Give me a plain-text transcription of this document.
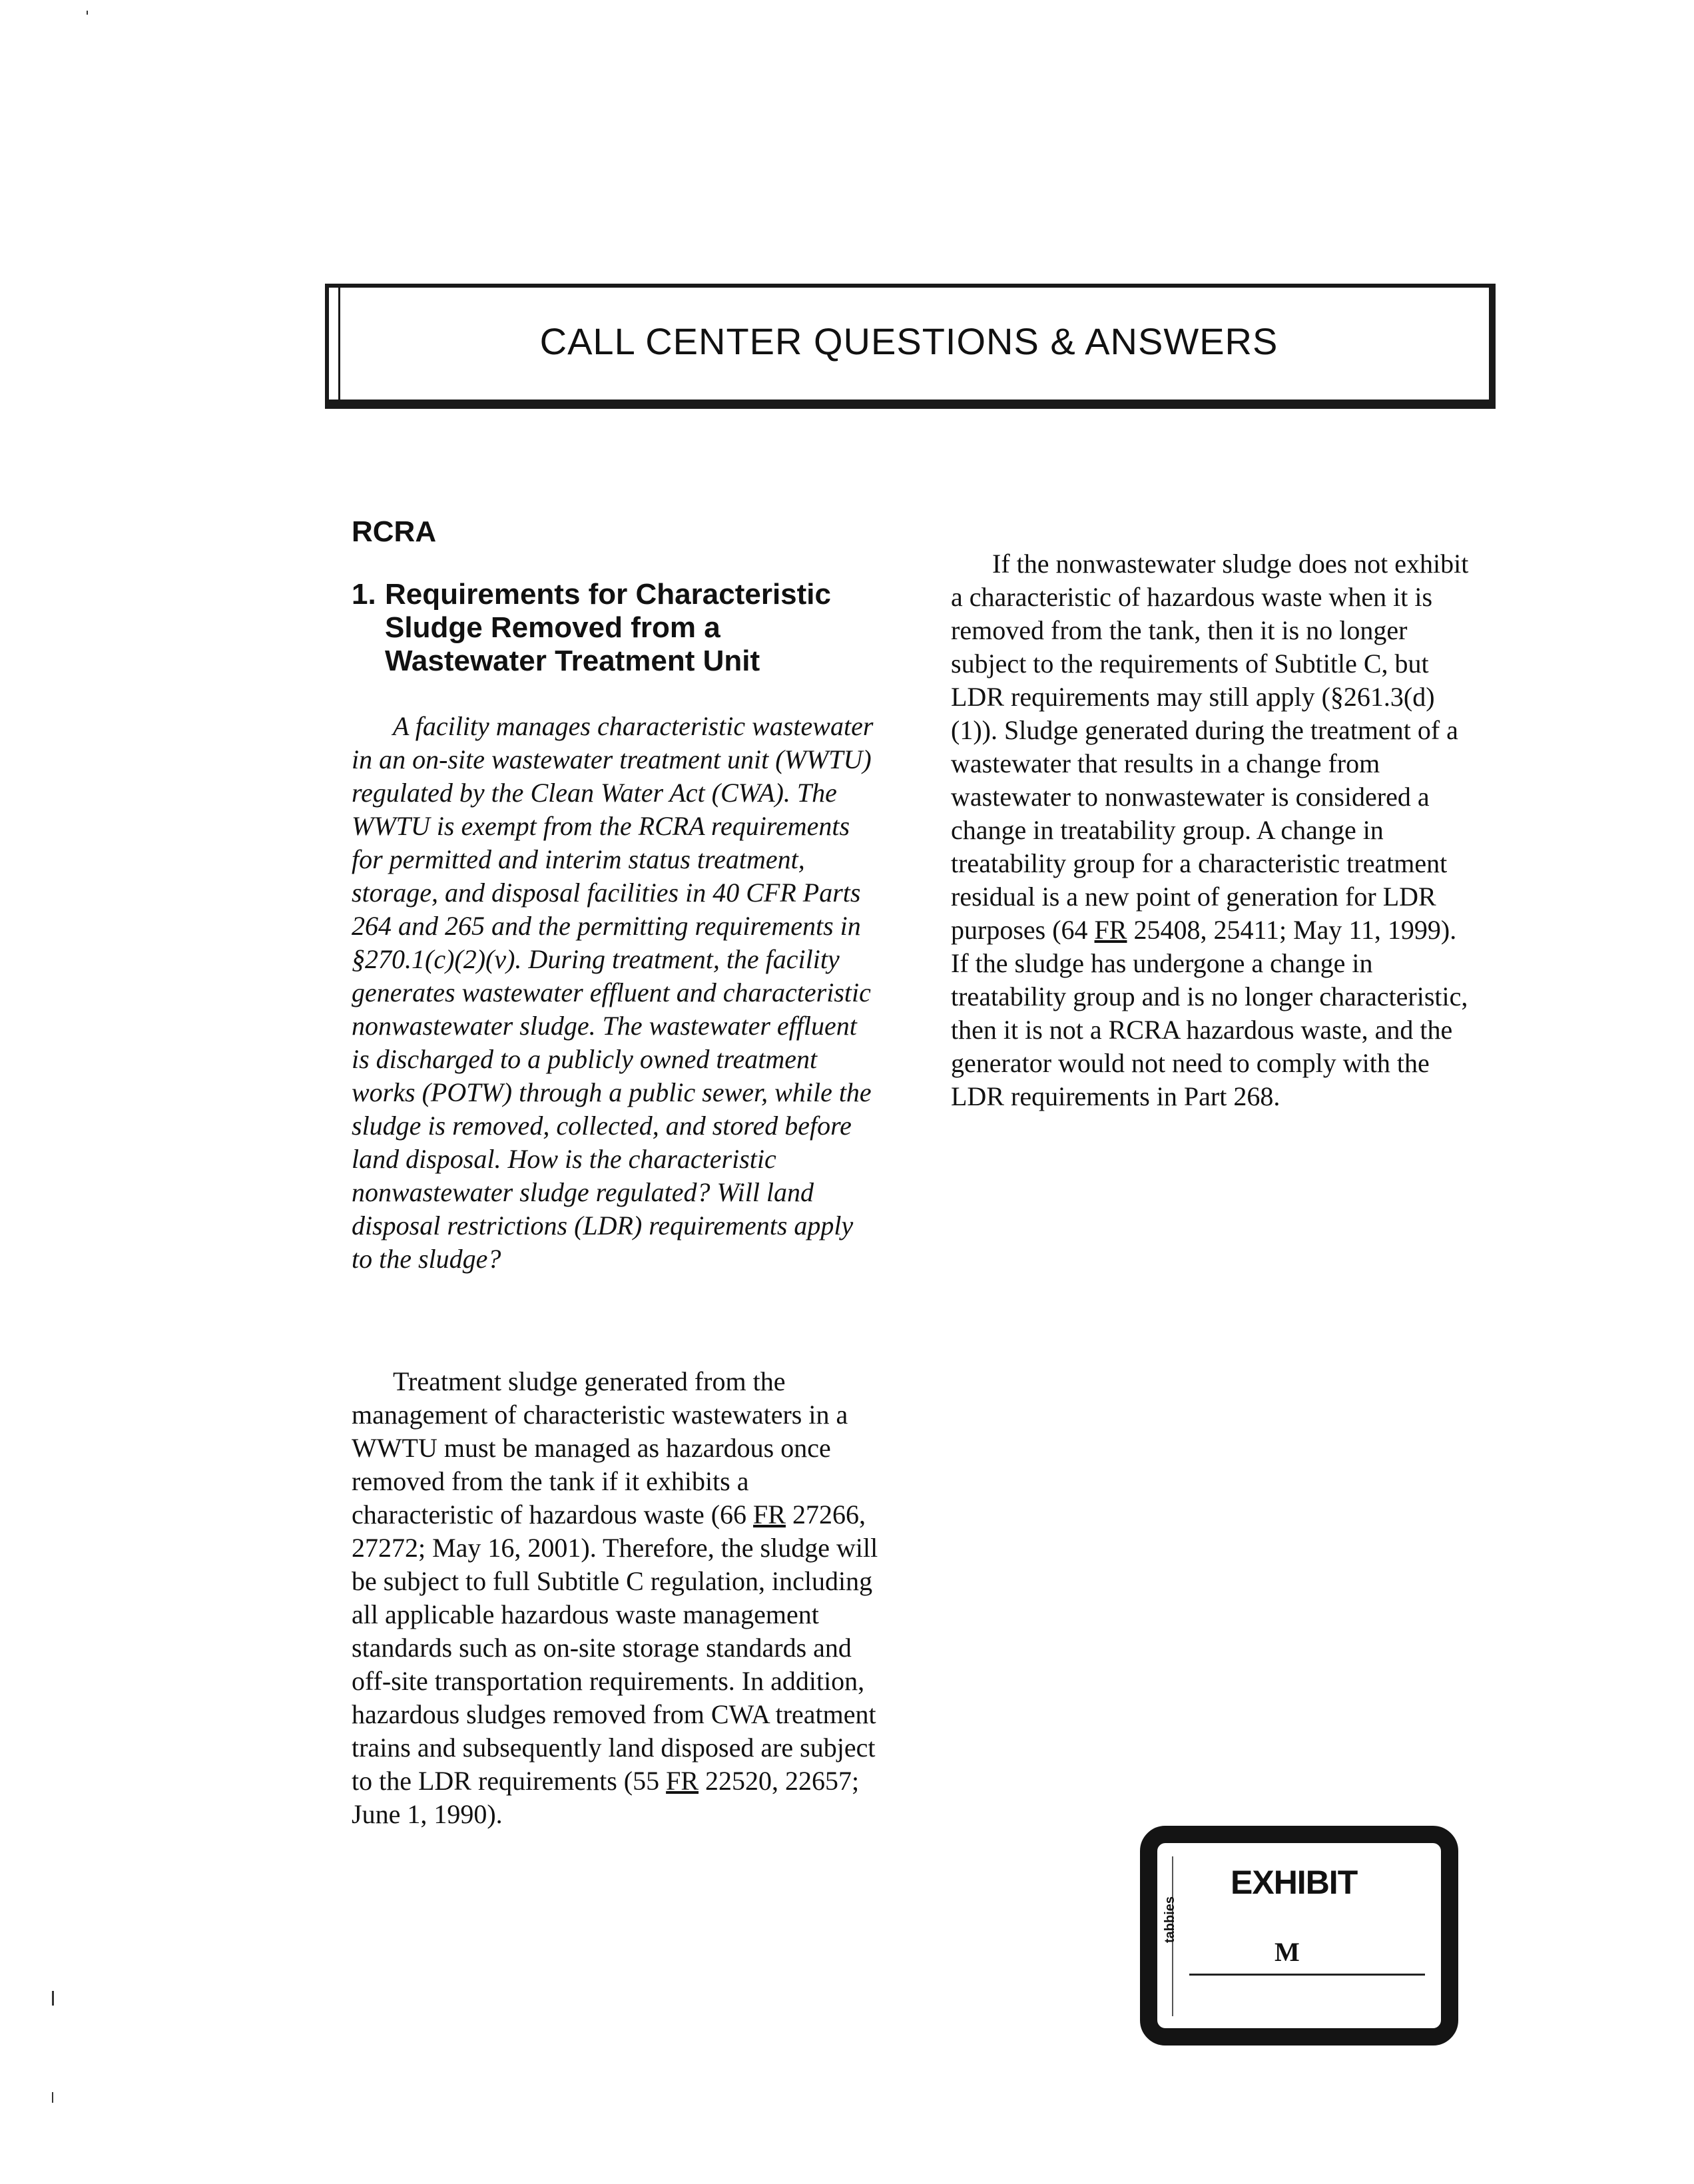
CALL CENTER QUESTIONS & ANSWERS
RCRA
1. Requirements for Characteristic Sludge Removed from a Wastewater Treatment Unit

A facility manages characteristic wastewater in an on-site wastewater treatment unit (WWTU) regulated by the Clean Water Act (CWA). The WWTU is exempt from the RCRA requirements for permitted and interim status treatment, storage, and disposal facilities in 40 CFR Parts 264 and 265 and the permitting requirements in §270.1(c)(2)(v). During treatment, the facility generates wastewater effluent and characteristic nonwastewater sludge. The wastewater effluent is discharged to a publicly owned treatment works (POTW) through a public sewer, while the sludge is removed, collected, and stored before land disposal. How is the characteristic nonwastewater sludge regulated? Will land disposal restrictions (LDR) requirements apply to the sludge?

Treatment sludge generated from the management of characteristic wastewaters in a WWTU must be managed as hazardous once removed from the tank if it exhibits a characteristic of hazardous waste (66 FR 27266, 27272; May 16, 2001). Therefore, the sludge will be subject to full Subtitle C regulation, including all applicable hazardous waste management standards such as on-site storage standards and off-site transportation requirements. In addition, hazardous sludges removed from CWA treatment trains and subsequently land disposed are subject to the LDR requirements (55 FR 22520, 22657; June 1, 1990).

If the nonwastewater sludge does not exhibit a characteristic of hazardous waste when it is removed from the tank, then it is no longer subject to the requirements of Subtitle C, but LDR requirements may still apply (§261.3(d)(1)). Sludge generated during the treatment of a wastewater that results in a change from wastewater to nonwastewater is considered a change in treatability group. A change in treatability group for a characteristic treatment residual is a new point of generation for LDR purposes (64 FR 25408, 25411; May 11, 1999). If the sludge has undergone a change in treatability group and is no longer characteristic, then it is not a RCRA hazardous waste, and the generator would not need to comply with the LDR requirements in Part 268.

tabbies
EXHIBIT
M
